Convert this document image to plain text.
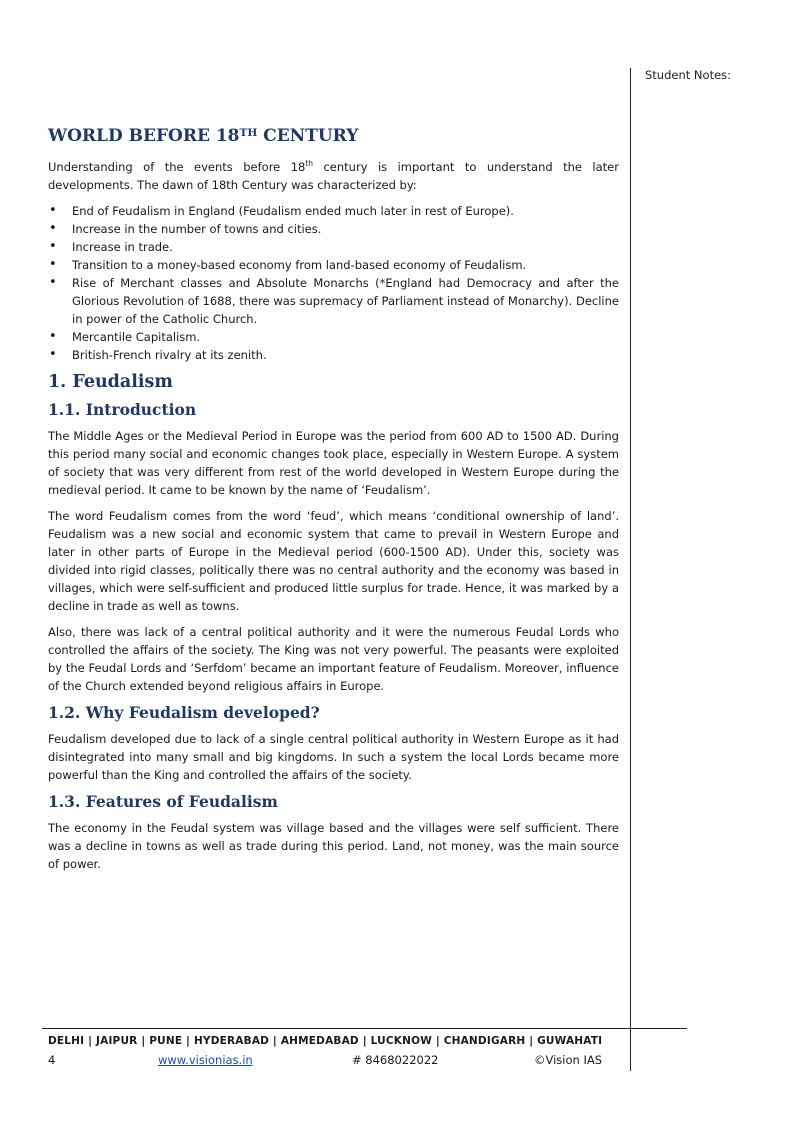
Student Notes:
WORLD BEFORE 18TH CENTURY

Understanding of the events before 18th century is important to understand the later developments. The dawn of 18th Century was characterized by:

• End of Feudalism in England (Feudalism ended much later in rest of Europe).
• Increase in the number of towns and cities.
• Increase in trade.
• Transition to a money-based economy from land-based economy of Feudalism.
• Rise of Merchant classes and Absolute Monarchs (*England had Democracy and after the Glorious Revolution of 1688, there was supremacy of Parliament instead of Monarchy). Decline in power of the Catholic Church.
• Mercantile Capitalism.
• British-French rivalry at its zenith.
1. Feudalism
1.1. Introduction

The Middle Ages or the Medieval Period in Europe was the period from 600 AD to 1500 AD. During this period many social and economic changes took place, especially in Western Europe. A system of society that was very different from rest of the world developed in Western Europe during the medieval period. It came to be known by the name of ‘Feudalism’.

The word Feudalism comes from the word ‘feud’, which means ‘conditional ownership of land’. Feudalism was a new social and economic system that came to prevail in Western Europe and later in other parts of Europe in the Medieval period (600-1500 AD). Under this, society was divided into rigid classes, politically there was no central authority and the economy was based in villages, which were self-sufficient and produced little surplus for trade. Hence, it was marked by a decline in trade as well as towns.

Also, there was lack of a central political authority and it were the numerous Feudal Lords who controlled the affairs of the society. The King was not very powerful. The peasants were exploited by the Feudal Lords and ‘Serfdom’ became an important feature of Feudalism. Moreover, influence of the Church extended beyond religious affairs in Europe.

1.2. Why Feudalism developed?

Feudalism developed due to lack of a single central political authority in Western Europe as it had disintegrated into many small and big kingdoms. In such a system the local Lords became more powerful than the King and controlled the affairs of the society.

1.3. Features of Feudalism

The economy in the Feudal system was village based and the villages were self sufficient. There was a decline in towns as well as trade during this period. Land, not money, was the main source of power.

DELHI | JAIPUR | PUNE | HYDERABAD | AHMEDABAD | LUCKNOW | CHANDIGARH | GUWAHATI
4	www.visionias.in	# 8468022022	©Vision IAS
